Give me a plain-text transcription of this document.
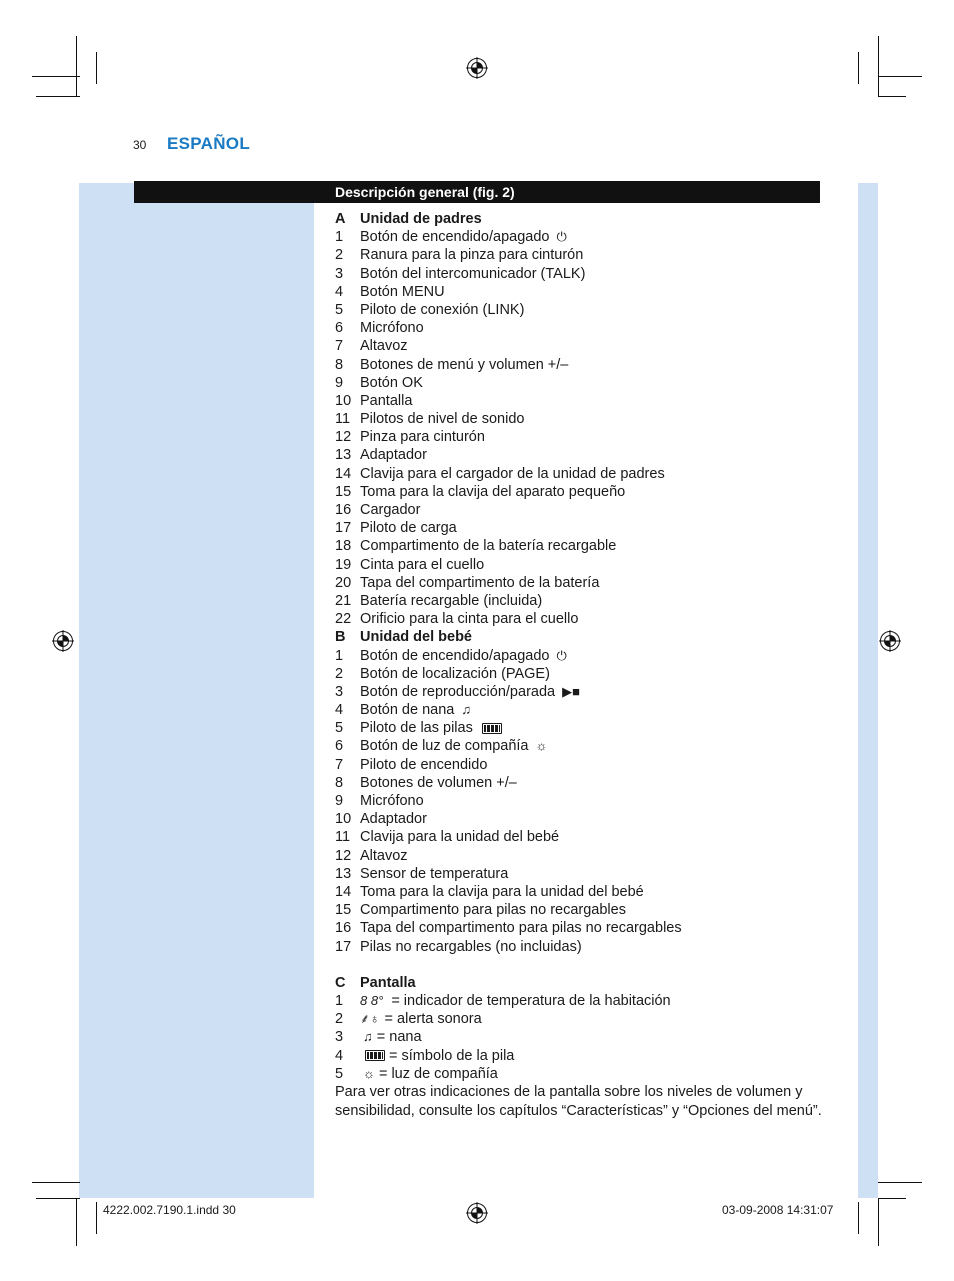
30 ESPAÑOL
Descripción general (fig. 2)
A Unidad de padres
1 Botón de encendido/apagado ⏻
2 Ranura para la pinza para cinturón
3 Botón del intercomunicador (TALK)
4 Botón MENU
5 Piloto de conexión (LINK)
6 Micrófono
7 Altavoz
8 Botones de menú y volumen +/–
9 Botón OK
10 Pantalla
11 Pilotos de nivel de sonido
12 Pinza para cinturón
13 Adaptador
14 Clavija para el cargador de la unidad de padres
15 Toma para la clavija del aparato pequeño
16 Cargador
17 Piloto de carga
18 Compartimento de la batería recargable
19 Cinta para el cuello
20 Tapa del compartimento de la batería
21 Batería recargable (incluida)
22 Orificio para la cinta para el cuello
B Unidad del bebé
1 Botón de encendido/apagado ⏻
2 Botón de localización (PAGE)
3 Botón de reproducción/parada ▶■
4 Botón de nana ♫
5 Piloto de las pilas
6 Botón de luz de compañía ☼
7 Piloto de encendido
8 Botones de volumen +/–
9 Micrófono
10 Adaptador
11 Clavija para la unidad del bebé
12 Altavoz
13 Sensor de temperatura
14 Toma para la clavija para la unidad del bebé
15 Compartimento para pilas no recargables
16 Tapa del compartimento para pilas no recargables
17 Pilas no recargables (no incluidas)
C Pantalla
1 8 8° = indicador de temperatura de la habitación
2 ⸙♁ = alerta sonora
3 ♫ = nana
4	= símbolo de la pila
5 ☼ = luz de compañía
Para ver otras indicaciones de la pantalla sobre los niveles de volumen y sensibilidad, consulte los capítulos “Características” y “Opciones del menú”.
4222.002.7190.1.indd 30	03-09-2008 14:31:07
